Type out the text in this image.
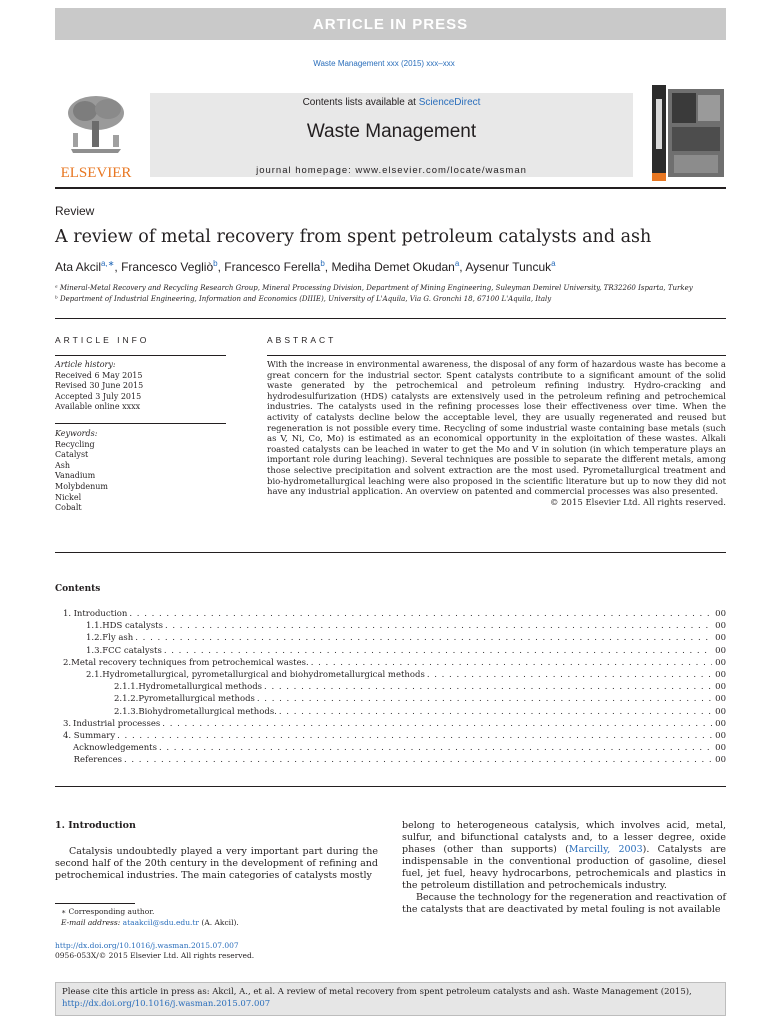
ARTICLE IN PRESS
Waste Management xxx (2015) xxx–xxx
ELSEVIER
Contents lists available at ScienceDirect
Waste Management
journal homepage: www.elsevier.com/locate/wasman
Review
A review of metal recovery from spent petroleum catalysts and ash
Ata Akcil$^{a,∗}$, Francesco Vegliò$^b$, Francesco Ferella$^b$, Mediha Demet Okudan$^a$, Aysenur Tuncuk$^a$
ᵃ Mineral-Metal Recovery and Recycling Research Group, Mineral Processing Division, Department of Mining Engineering, Suleyman Demirel University, TR32260 Isparta, Turkey
ᵇ Department of Industrial Engineering, Information and Economics (DIIIE), University of L'Aquila, Via G. Gronchi 18, 67100 L'Aquila, Italy
ARTICLE INFO	ABSTRACT
Article history:
Received 6 May 2015
Revised 30 June 2015
Accepted 3 July 2015
Available online xxxx
Keywords:
Recycling
Catalyst
Ash
Vanadium
Molybdenum
Nickel
Cobalt
With the increase in environmental awareness, the disposal of any form of hazardous waste has become a great concern for the industrial sector. Spent catalysts contribute to a significant amount of the solid waste generated by the petrochemical and petroleum refining industry. Hydro-cracking and hydrodesulfurization (HDS) catalysts are extensively used in the petroleum refining and petrochemical industries. The catalysts used in the refining processes lose their effectiveness over time. When the activity of catalysts decline below the acceptable level, they are usually regenerated and reused but regeneration is not possible every time. Recycling of some industrial waste containing base metals (such as V, Ni, Co, Mo) is estimated as an economical opportunity in the exploitation of these wastes. Alkali roasted catalysts can be leached in water to get the Mo and V in solution (in which temperature plays an important role during leaching). Several techniques are possible to separate the different metals, among those selective precipitation and solvent extraction are the most used. Pyrometallurgical treatment and bio-hydrometallurgical leaching were also proposed in the scientific literature but up to now they did not have any industrial application. An overview on patented and commercial processes was also presented.
© 2015 Elsevier Ltd. All rights reserved.
Contents
1. Introduction . . .	00
1.1. HDS catalysts . . .	00
1.2. Fly ash . . .	00
1.3. FCC catalysts . . .	00
2. Metal recovery techniques from petrochemical wastes. . . .	00
2.1. Hydrometallurgical, pyrometallurgical and biohydrometallurgical methods . . .	00
2.1.1. Hydrometallurgical methods . . .	00
2.1.2. Pyrometallurgical methods . . .	00
2.1.3. Biohydrometallurgical methods. . . .	00
3. Industrial processes . . .	00
4. Summary . . .	00
Acknowledgements . . .	00
References . . .	00
1. Introduction
Catalysis undoubtedly played a very important part during the second half of the 20th century in the development of refining and petrochemical industries. The main categories of catalysts mostly
belong to heterogeneous catalysis, which involves acid, metal, sulfur, and bifunctional catalysts and, to a lesser degree, oxide phases (other than supports) (Marcilly, 2003). Catalysts are indispensable in the conventional production of gasoline, diesel fuel, jet fuel, heavy hydrocarbons, petrochemicals and plastics in the petroleum distillation and petrochemicals industry.
Because the technology for the regeneration and reactivation of the catalysts that are deactivated by metal fouling is not available
∗ Corresponding author.
E-mail address: ataakcil@sdu.edu.tr (A. Akcil).
http://dx.doi.org/10.1016/j.wasman.2015.07.007
0956-053X/© 2015 Elsevier Ltd. All rights reserved.
Please cite this article in press as: Akcil, A., et al. A review of metal recovery from spent petroleum catalysts and ash. Waste Management (2015), http://dx.doi.org/10.1016/j.wasman.2015.07.007
